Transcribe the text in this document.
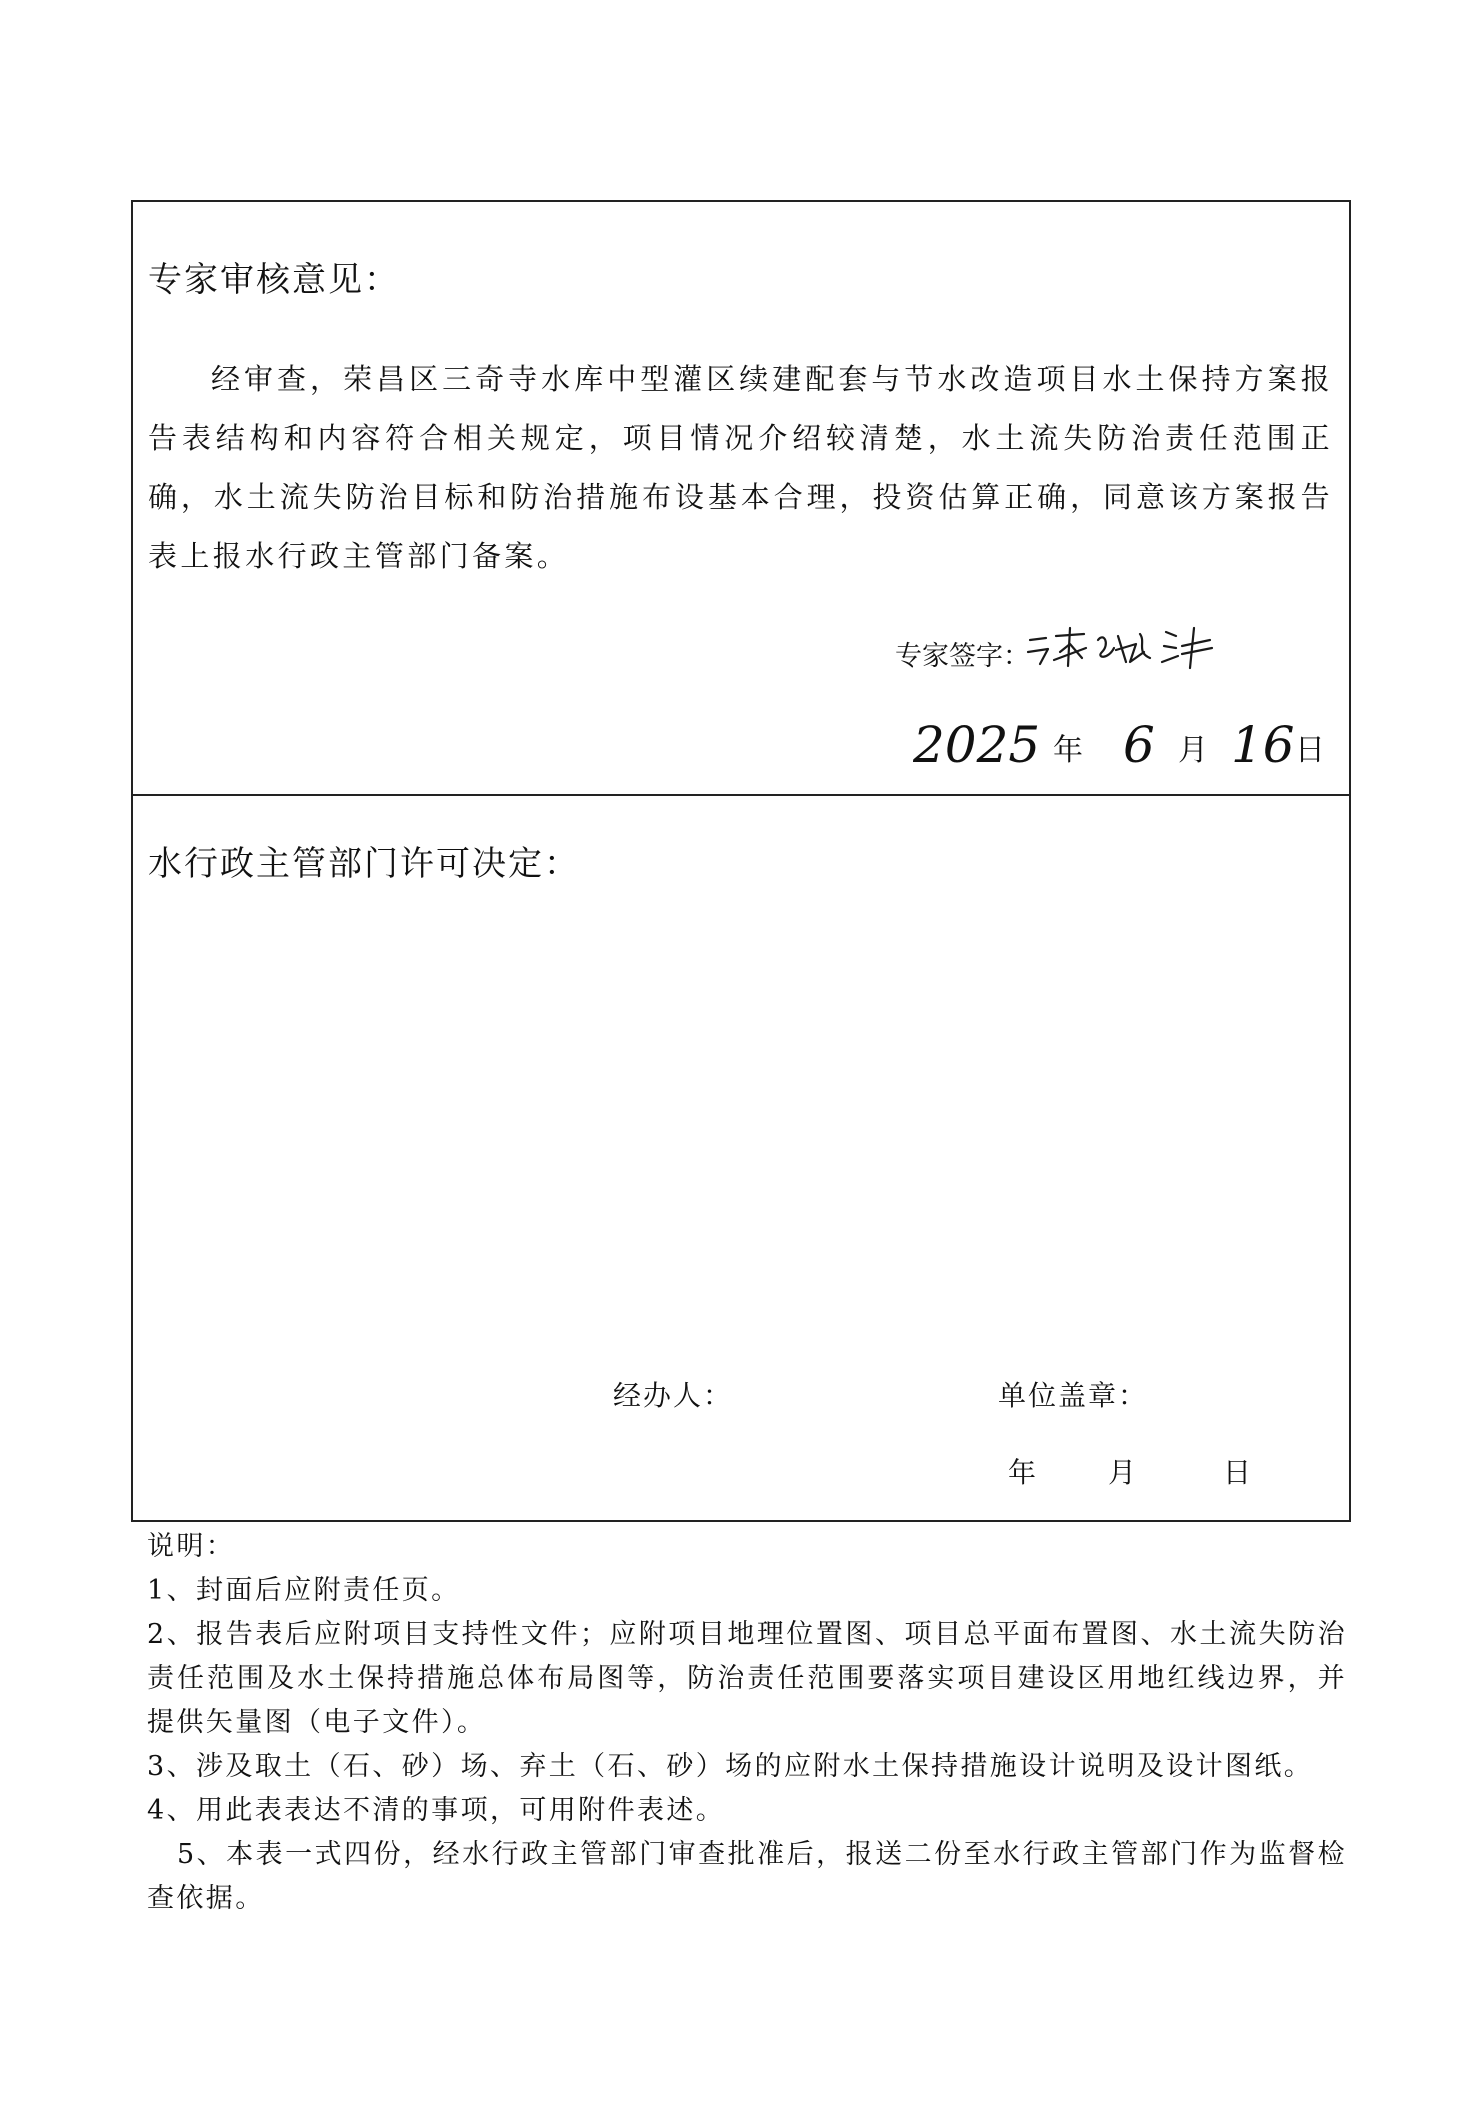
专家审核意见：

经审查，荣昌区三奇寺水库中型灌区续建配套与节水改造项目水土保持方案报告表结构和内容符合相关规定，项目情况介绍较清楚，水土流失防治责任范围正确，水土流失防治目标和防治措施布设基本合理，投资估算正确，同意该方案报告表上报水行政主管部门备案。

专家签字：
2025 年 6 月 16 日
水行政主管部门许可决定：
经办人：	单位盖章：
年 月	日

说明：

1、封面后应附责任页。

2、报告表后应附项目支持性文件；应附项目地理位置图、项目总平面布置图、水土流失防治责任范围及水土保持措施总体布局图等，防治责任范围要落实项目建设区用地红线边界，并提供矢量图（电子文件）。

3、涉及取土（石、砂）场、弃土（石、砂）场的应附水土保持措施设计说明及设计图纸。

4、用此表表达不清的事项，可用附件表述。

5、本表一式四份，经水行政主管部门审查批准后，报送二份至水行政主管部门作为监督检查依据。
